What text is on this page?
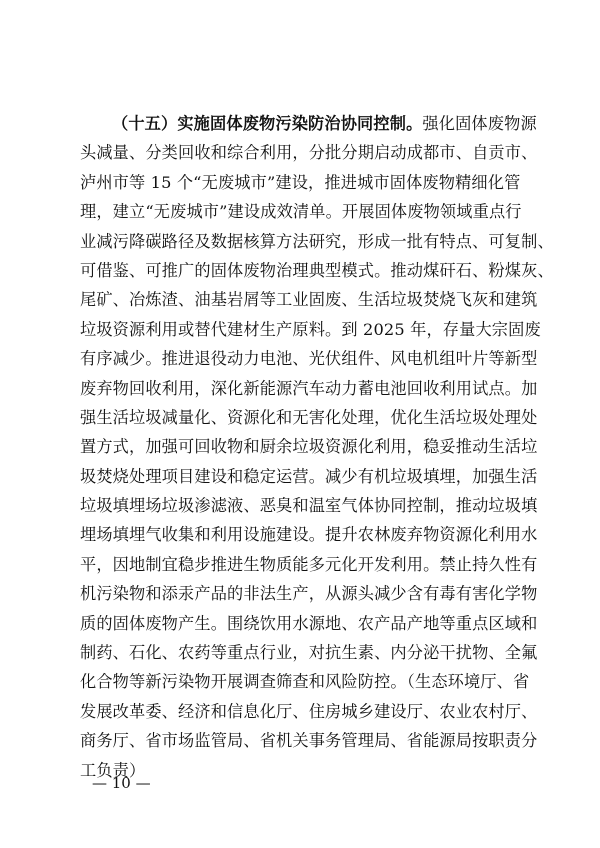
（十五）实施固体废物污染防治协同控制。强化固体废物源
头减量、分类回收和综合利用，分批分期启动成都市、自贡市、
泸州市等 15 个“无废城市”建设，推进城市固体废物精细化管
理，建立“无废城市”建设成效清单。开展固体废物领域重点行
业减污降碳路径及数据核算方法研究，形成一批有特点、可复制、
可借鉴、可推广的固体废物治理典型模式。推动煤矸石、粉煤灰、
尾矿、冶炼渣、油基岩屑等工业固废、生活垃圾焚烧飞灰和建筑
垃圾资源利用或替代建材生产原料。到 2025 年，存量大宗固废
有序减少。推进退役动力电池、光伏组件、风电机组叶片等新型
废弃物回收利用，深化新能源汽车动力蓄电池回收利用试点。加
强生活垃圾减量化、资源化和无害化处理，优化生活垃圾处理处
置方式，加强可回收物和厨余垃圾资源化利用，稳妥推动生活垃
圾焚烧处理项目建设和稳定运营。减少有机垃圾填埋，加强生活
垃圾填埋场垃圾渗滤液、恶臭和温室气体协同控制，推动垃圾填
埋场填埋气收集和利用设施建设。提升农林废弃物资源化利用水
平，因地制宜稳步推进生物质能多元化开发利用。禁止持久性有
机污染物和添汞产品的非法生产，从源头减少含有毒有害化学物
质的固体废物产生。围绕饮用水源地、农产品产地等重点区域和
制药、石化、农药等重点行业，对抗生素、内分泌干扰物、全氟
化合物等新污染物开展调查筛查和风险防控。（生态环境厅、省
发展改革委、经济和信息化厅、住房城乡建设厅、农业农村厅、
商务厅、省市场监管局、省机关事务管理局、省能源局按职责分
工负责）
— 10 —
